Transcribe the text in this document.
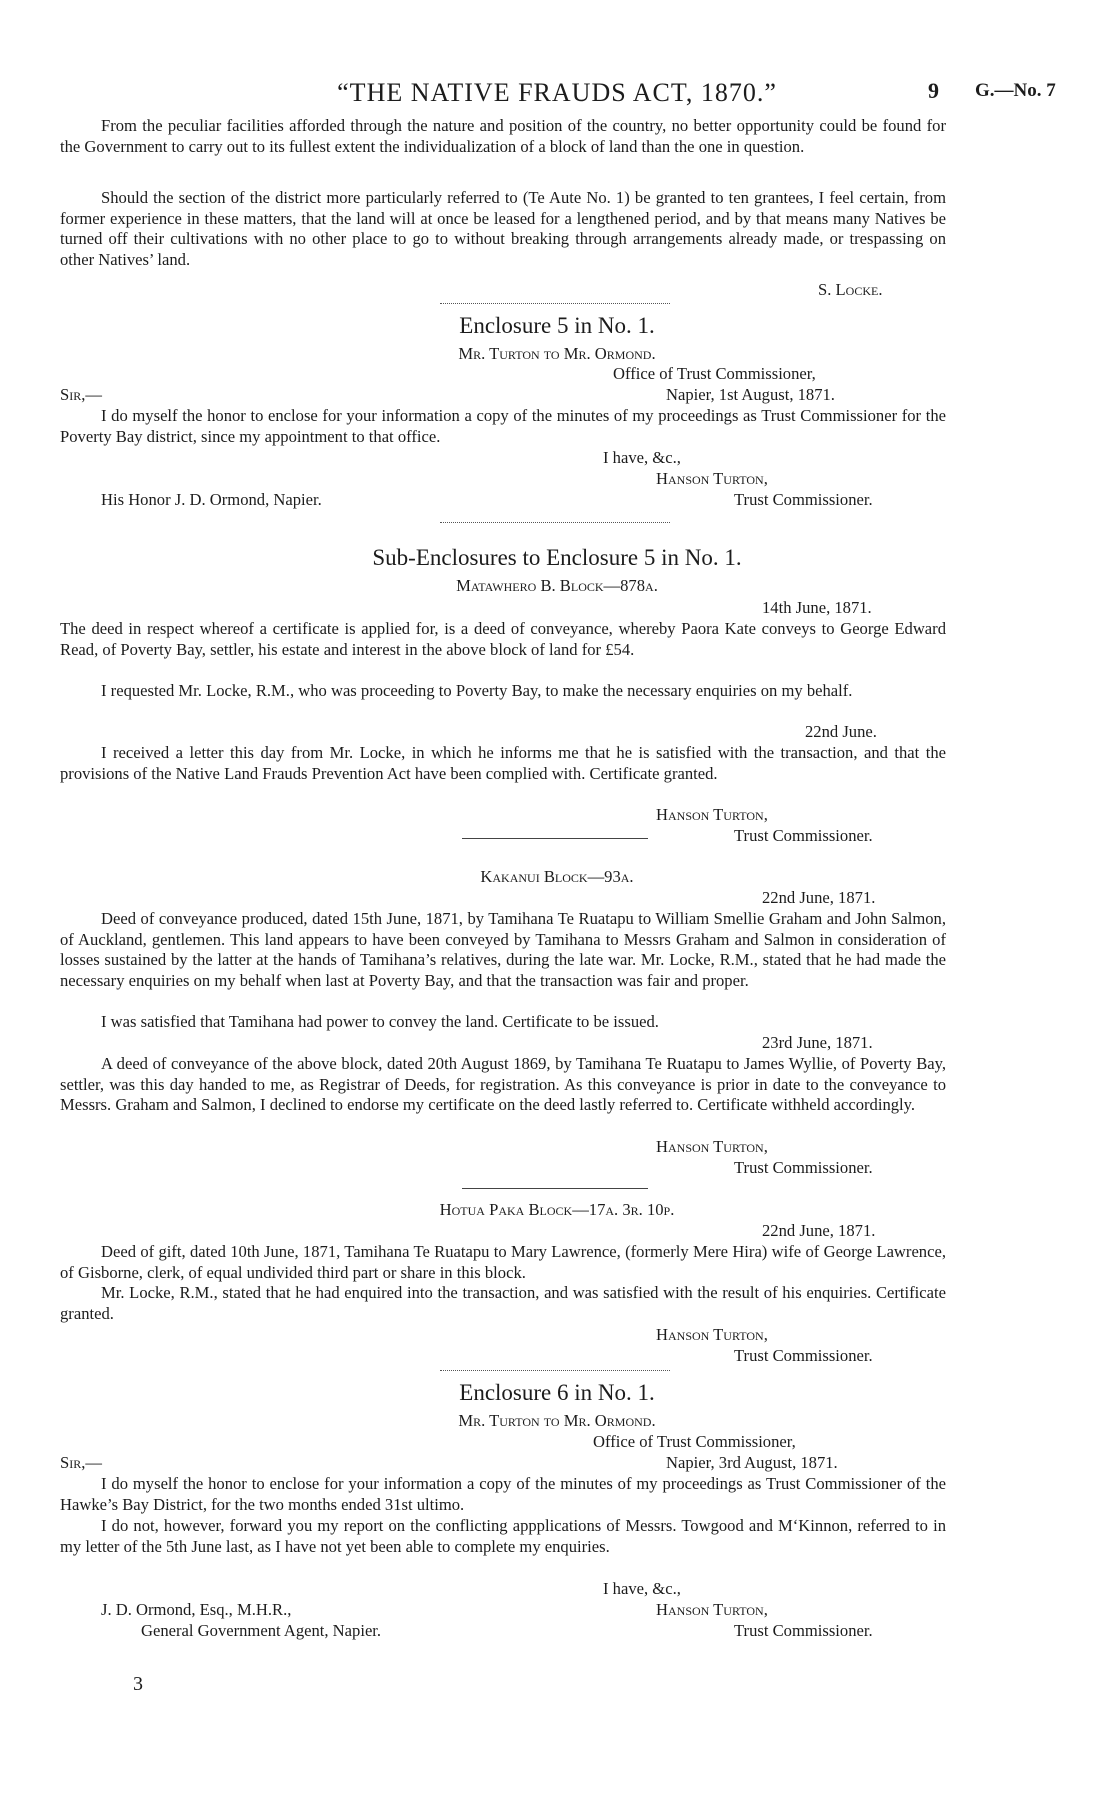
“THE NATIVE FRAUDS ACT, 1870.”	9 G.—No. 7

From the peculiar facilities afforded through the nature and position of the country, no better opportunity could be found for the Government to carry out to its fullest extent the individualization of a block of land than the one in question.

Should the section of the district more particularly referred to (Te Aute No. 1) be granted to ten grantees, I feel certain, from former experience in these matters, that the land will at once be leased for a lengthened period, and by that means many Natives be turned off their cultivations with no other place to go to without breaking through arrangements already made, or trespassing on other Natives’ land.

S. Locke.
Enclosure 5 in No. 1.
Mr. Turton to Mr. Ormond.
Office of Trust Commissioner,
Sir,—	Napier, 1st August, 1871.

I do myself the honor to enclose for your information a copy of the minutes of my proceedings as Trust Commissioner for the Poverty Bay district, since my appointment to that office.

I have, &c.,
Hanson Turton,
His Honor J. D. Ormond, Napier.	Trust Commissioner.
Sub-Enclosures to Enclosure 5 in No. 1.
Matawhero B. Block—878a.
14th June, 1871.

The deed in respect whereof a certificate is applied for, is a deed of conveyance, whereby Paora Kate conveys to George Edward Read, of Poverty Bay, settler, his estate and interest in the above block of land for £54.

I requested Mr. Locke, R.M., who was proceeding to Poverty Bay, to make the necessary enquiries on my behalf.

22nd June.

I received a letter this day from Mr. Locke, in which he informs me that he is satisfied with the transaction, and that the provisions of the Native Land Frauds Prevention Act have been complied with. Certificate granted.

Hanson Turton,
Trust Commissioner.
Kakanui Block—93a.
22nd June, 1871.

Deed of conveyance produced, dated 15th June, 1871, by Tamihana Te Ruatapu to William Smellie Graham and John Salmon, of Auckland, gentlemen. This land appears to have been conveyed by Tamihana to Messrs Graham and Salmon in consideration of losses sustained by the latter at the hands of Tamihana’s relatives, during the late war. Mr. Locke, R.M., stated that he had made the necessary enquiries on my behalf when last at Poverty Bay, and that the transaction was fair and proper.

I was satisfied that Tamihana had power to convey the land. Certificate to be issued.

23rd June, 1871.

A deed of conveyance of the above block, dated 20th August 1869, by Tamihana Te Ruatapu to James Wyllie, of Poverty Bay, settler, was this day handed to me, as Registrar of Deeds, for registration. As this conveyance is prior in date to the conveyance to Messrs. Graham and Salmon, I declined to endorse my certificate on the deed lastly referred to. Certificate withheld accordingly.

Hanson Turton,
Trust Commissioner.
Hotua Paka Block—17a. 3r. 10p.
22nd June, 1871.

Deed of gift, dated 10th June, 1871, Tamihana Te Ruatapu to Mary Lawrence, (formerly Mere Hira) wife of George Lawrence, of Gisborne, clerk, of equal undivided third part or share in this block.

Mr. Locke, R.M., stated that he had enquired into the transaction, and was satisfied with the result of his enquiries. Certificate granted.

Hanson Turton,
Trust Commissioner.
Enclosure 6 in No. 1.
Mr. Turton to Mr. Ormond.
Office of Trust Commissioner,
Sir,—	Napier, 3rd August, 1871.

I do myself the honor to enclose for your information a copy of the minutes of my proceedings as Trust Commissioner of the Hawke’s Bay District, for the two months ended 31st ultimo.

I do not, however, forward you my report on the conflicting appplications of Messrs. Towgood and M‘Kinnon, referred to in my letter of the 5th June last, as I have not yet been able to complete my enquiries.

I have, &c.,
J. D. Ormond, Esq., M.H.R.,	Hanson Turton,
General Government Agent, Napier.	Trust Commissioner.
3
